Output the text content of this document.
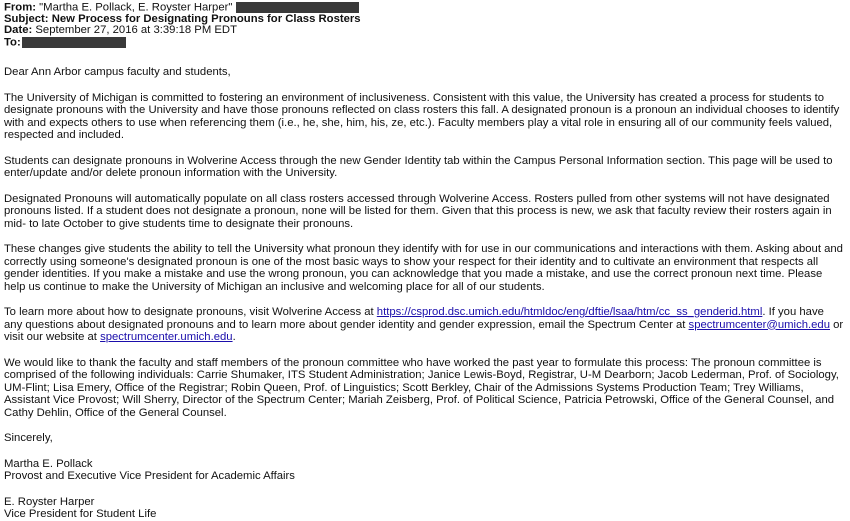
From: "Martha E. Pollack, E. Royster Harper"
Subject: New Process for Designating Pronouns for Class Rosters
Date: September 27, 2016 at 3:39:18 PM EDT
To:

Dear Ann Arbor campus faculty and students,

The University of Michigan is committed to fostering an environment of inclusiveness. Consistent with this value, the University has created a process for students to designate pronouns with the University and have those pronouns reflected on class rosters this fall. A designated pronoun is a pronoun an individual chooses to identify with and expects others to use when referencing them (i.e., he, she, him, his, ze, etc.). Faculty members play a vital role in ensuring all of our community feels valued, respected and included.

Students can designate pronouns in Wolverine Access through the new Gender Identity tab within the Campus Personal Information section. This page will be used to enter/update and/or delete pronoun information with the University.

Designated Pronouns will automatically populate on all class rosters accessed through Wolverine Access. Rosters pulled from other systems will not have designated pronouns listed. If a student does not designate a pronoun, none will be listed for them. Given that this process is new, we ask that faculty review their rosters again in mid- to late October to give students time to designate their pronouns.

These changes give students the ability to tell the University what pronoun they identify with for use in our communications and interactions with them. Asking about and correctly using someone's designated pronoun is one of the most basic ways to show your respect for their identity and to cultivate an environment that respects all gender identities. If you make a mistake and use the wrong pronoun, you can acknowledge that you made a mistake, and use the correct pronoun next time. Please help us continue to make the University of Michigan an inclusive and welcoming place for all of our students.

To learn more about how to designate pronouns, visit Wolverine Access at https://csprod.dsc.umich.edu/htmldoc/eng/dftie/lsaa/htm/cc_ss_genderid.html. If you have any questions about designated pronouns and to learn more about gender identity and gender expression, email the Spectrum Center at spectrumcenter@umich.edu or visit our website at spectrumcenter.umich.edu.

We would like to thank the faculty and staff members of the pronoun committee who have worked the past year to formulate this process: The pronoun committee is comprised of the following individuals: Carrie Shumaker, ITS Student Administration; Janice Lewis-Boyd, Registrar, U-M Dearborn; Jacob Lederman, Prof. of Sociology, UM-Flint; Lisa Emery, Office of the Registrar; Robin Queen, Prof. of Linguistics; Scott Berkley, Chair of the Admissions Systems Production Team; Trey Williams, Assistant Vice Provost; Will Sherry, Director of the Spectrum Center; Mariah Zeisberg, Prof. of Political Science, Patricia Petrowski, Office of the General Counsel, and Cathy Dehlin, Office of the General Counsel.

Sincerely,

Martha E. Pollack
Provost and Executive Vice President for Academic Affairs
E. Royster Harper
Vice President for Student Life
